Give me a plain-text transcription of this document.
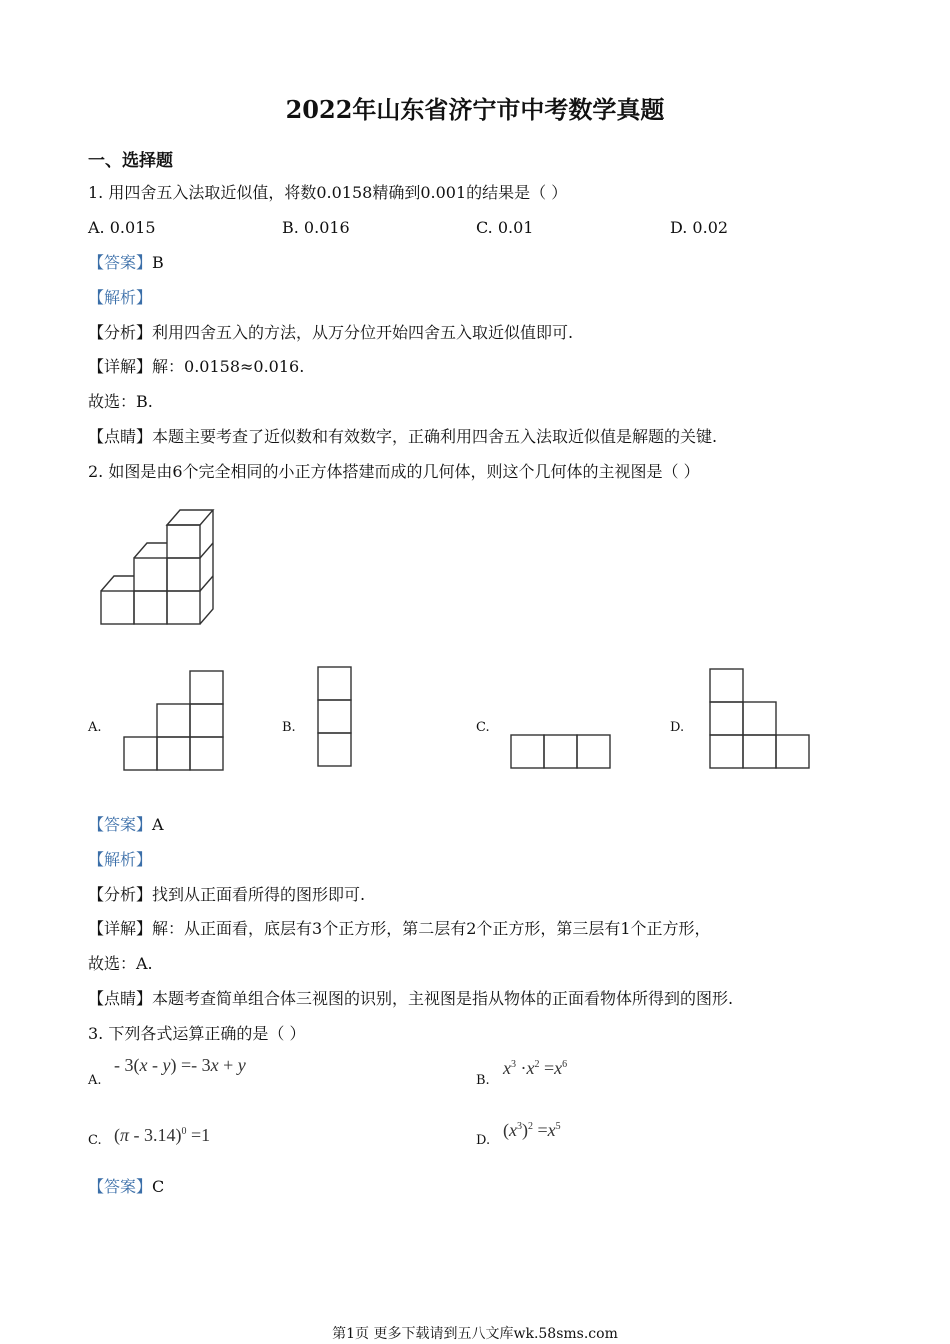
2022年山东省济宁市中考数学真题
一、选择题
1. 用四舍五入法取近似值，将数0.0158精确到0.001的结果是（ ）
A. 0.015	B. 0.016	C. 0.01	D. 0.02
【答案】B
【解析】
【分析】利用四舍五入的方法，从万分位开始四舍五入取近似值即可.
【详解】解：0.0158≈0.016.
故选：B.
【点睛】本题主要考查了近似数和有效数字，正确利用四舍五入法取近似值是解题的关键.
2. 如图是由6个完全相同的小正方体搭建而成的几何体，则这个几何体的主视图是（ ）
A.	B.	C.	D.
【答案】A
【解析】
【分析】找到从正面看所得的图形即可.
【详解】解：从正面看，底层有3个正方形，第二层有2个正方形，第三层有1个正方形，
故选：A.
【点睛】本题考查简单组合体三视图的识别，主视图是指从物体的正面看物体所得到的图形.
3. 下列各式运算正确的是（ ）
A.
- 3(x - y) =- 3x + y
B.
$x^3 \cdot x^2 =x^6$
C. (π - 3.14)$^0$ =1	D.
$(x^3)^2 =x^5$
【答案】C
第1页 更多下载请到五八文库wk.58sms.com
